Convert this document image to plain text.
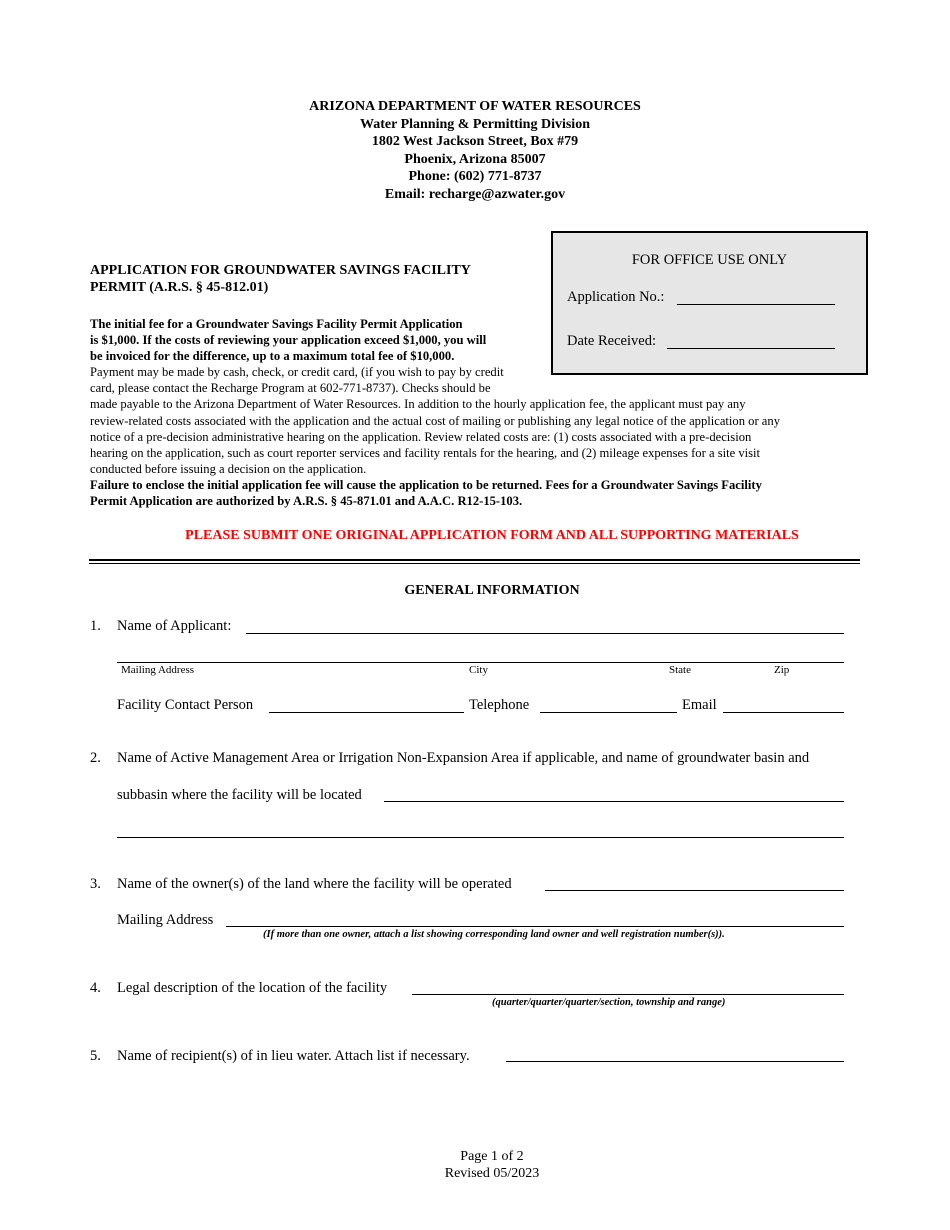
ARIZONA DEPARTMENT OF WATER RESOURCES
Water Planning & Permitting Division
1802 West Jackson Street, Box #79
Phoenix, Arizona 85007
Phone: (602) 771-8737
Email: recharge@azwater.gov
FOR OFFICE USE ONLY
Application No.:
Date Received:
APPLICATION FOR GROUNDWATER SAVINGS FACILITY
PERMIT (A.R.S. § 45-812.01)
The initial fee for a Groundwater Savings Facility Permit Application
is $1,000. If the costs of reviewing your application exceed $1,000, you will
be invoiced for the difference, up to a maximum total fee of $10,000.
Payment may be made by cash, check, or credit card, (if you wish to pay by credit
card, please contact the Recharge Program at 602-771-8737). Checks should be
made payable to the Arizona Department of Water Resources. In addition to the hourly application fee, the applicant must pay any
review-related costs associated with the application and the actual cost of mailing or publishing any legal notice of the application or any
notice of a pre-decision administrative hearing on the application. Review related costs are: (1) costs associated with a pre-decision
hearing on the application, such as court reporter services and facility rentals for the hearing, and (2) mileage expenses for a site visit
conducted before issuing a decision on the application.
Failure to enclose the initial application fee will cause the application to be returned. Fees for a Groundwater Savings Facility
Permit Application are authorized by A.R.S. § 45-871.01 and A.A.C. R12-15-103.
PLEASE SUBMIT ONE ORIGINAL APPLICATION FORM AND ALL SUPPORTING MATERIALS
GENERAL INFORMATION
1. Name of Applicant:
Mailing Address	City	State	Zip
Facility Contact Person	Telephone	Email
2. Name of Active Management Area or Irrigation Non-Expansion Area if applicable, and name of groundwater basin and
subbasin where the facility will be located
3. Name of the owner(s) of the land where the facility will be operated
Mailing Address
(If more than one owner, attach a list showing corresponding land owner and well registration number(s)).
4. Legal description of the location of the facility
(quarter/quarter/quarter/section, township and range)
5. Name of recipient(s) of in lieu water. Attach list if necessary.
Page 1 of 2
Revised 05/2023
